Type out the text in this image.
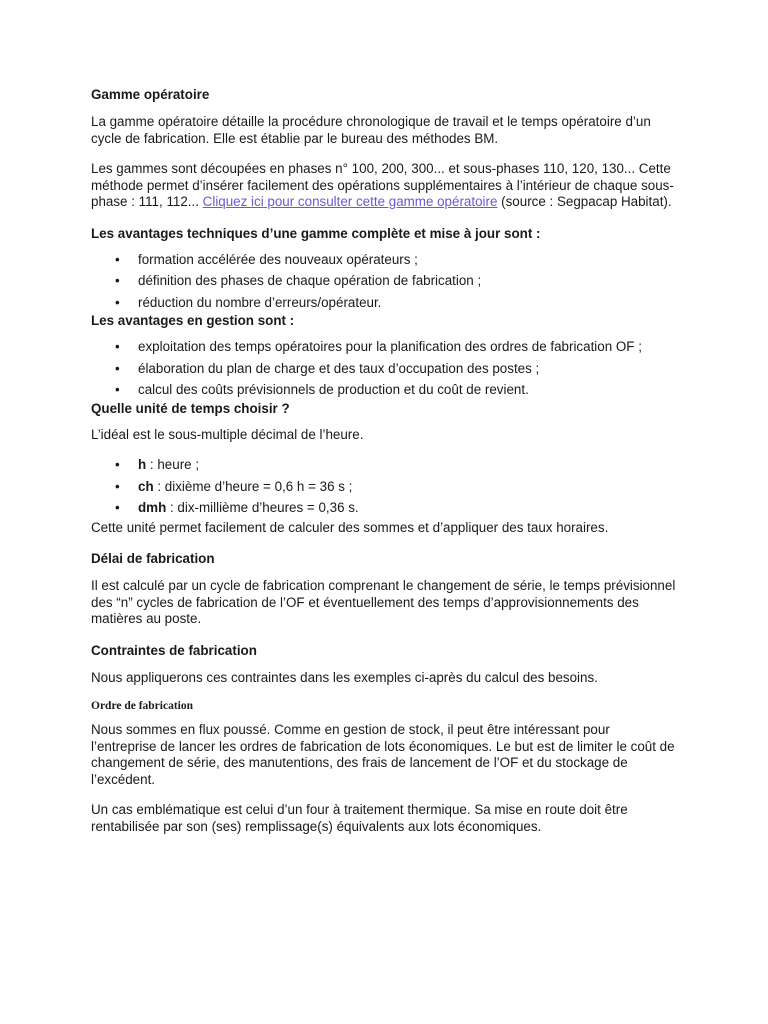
Gamme opératoire

La gamme opératoire détaille la procédure chronologique de travail et le temps opératoire d’un cycle de fabrication. Elle est établie par le bureau des méthodes BM.

Les gammes sont découpées en phases n° 100, 200, 300... et sous-phases 110, 120, 130... Cette méthode permet d’insérer facilement des opérations supplémentaires à l’intérieur de chaque sous-phase : 111, 112... Cliquez ici pour consulter cette gamme opératoire (source : Segpacap Habitat).

Les avantages techniques d’une gamme complète et mise à jour sont :

• formation accélérée des nouveaux opérateurs ;
• définition des phases de chaque opération de fabrication ;
• réduction du nombre d’erreurs/opérateur.

Les avantages en gestion sont :

• exploitation des temps opératoires pour la planification des ordres de fabrication OF ;
• élaboration du plan de charge et des taux d’occupation des postes ;
• calcul des coûts prévisionnels de production et du coût de revient.

Quelle unité de temps choisir ?

L’idéal est le sous-multiple décimal de l’heure.

• h : heure ;
• ch : dixième d’heure = 0,6 h = 36 s ;
• dmh : dix-millième d’heures = 0,36 s.

Cette unité permet facilement de calculer des sommes et d’appliquer des taux horaires.

Délai de fabrication

Il est calculé par un cycle de fabrication comprenant le changement de série, le temps prévisionnel des “n” cycles de fabrication de l’OF et éventuellement des temps d’approvisionnements des matières au poste.

Contraintes de fabrication

Nous appliquerons ces contraintes dans les exemples ci-après du calcul des besoins.

Ordre de fabrication

Nous sommes en flux poussé. Comme en gestion de stock, il peut être intéressant pour l’entreprise de lancer les ordres de fabrication de lots économiques. Le but est de limiter le coût de changement de série, des manutentions, des frais de lancement de l’OF et du stockage de l’excédent.

Un cas emblématique est celui d’un four à traitement thermique. Sa mise en route doit être rentabilisée par son (ses) remplissage(s) équivalents aux lots économiques.
